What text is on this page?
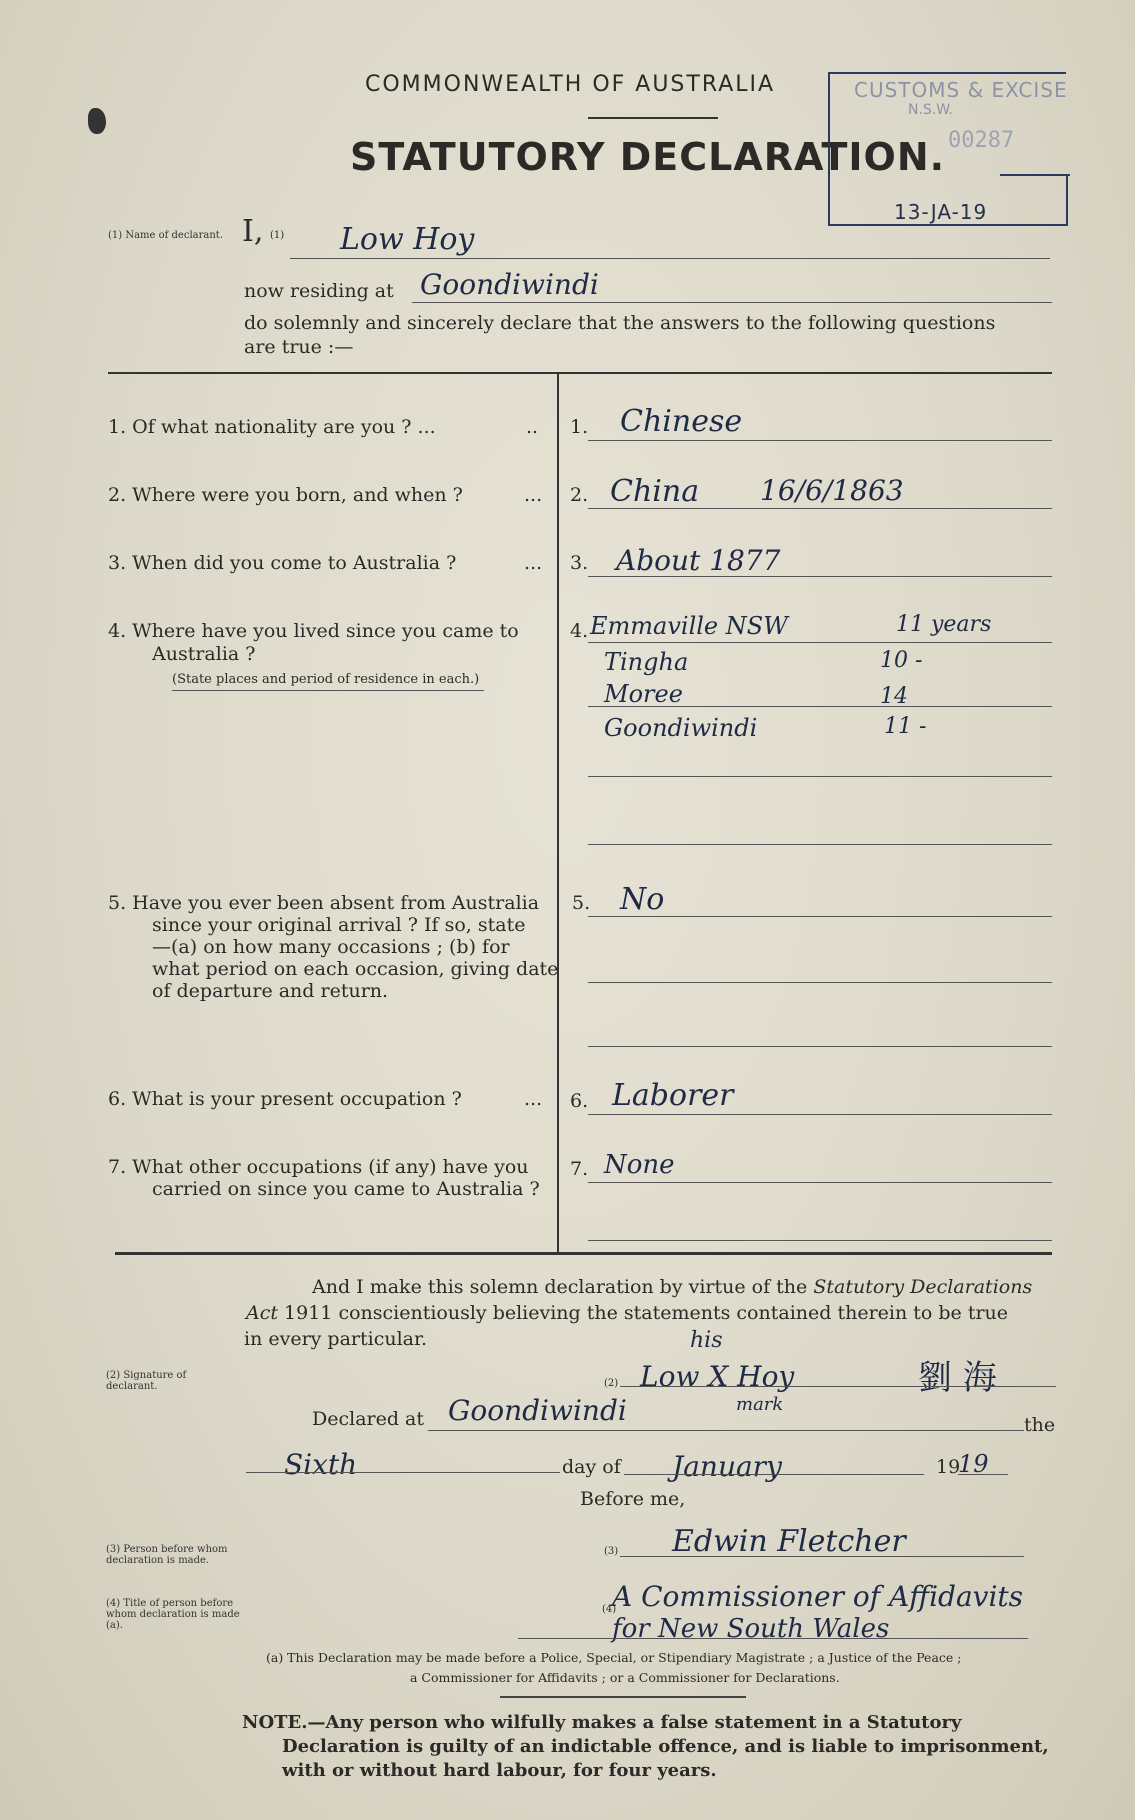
COMMONWEALTH OF AUSTRALIA
STATUTORY DECLARATION.
CUSTOMS & EXCISE
N.S.W.
00287
13-JA-19
(1) Name of declarant. I, (1) Low Hoy
now residing at Goondiwindi
do solemnly and sincerely declare that the answers to the following questions
are true :—
1. Of what nationality are you ? ...	.. 1. Chinese
2. Where were you born, and when ?	... 2. China 16/6/1863
3. When did you come to Australia ?	... 3. About 1877
4. Where have you lived since you came to
Australia ?
(State places and period of residence in each.)
4. Emmaville NSW	11 years
Tingha	10 -
Moree	14
Goondiwindi	11 -
5. Have you ever been absent from Australia
since your original arrival ? If so, state
—(a) on how many occasions ; (b) for
what period on each occasion, giving date
of departure and return.
5. No
6. What is your present occupation ?	... 6. Laborer
7. What other occupations (if any) have you
carried on since you came to Australia ?
7. None
And I make this solemn declaration by virtue of the Statutory Declarations
Act 1911 conscientiously believing the statements contained therein to be true
in every particular.
(2) Signature of declarant.	(2)
his
Low X Hoy
mark
劉 海
Declared at Goondiwindi	the
Sixth	day of January	19
19
Before me,
(3) Person before whom declaration is made.
(3) Edwin Fletcher
(4) Title of person before whom declaration is made (a).
(4)
A Commissioner of Affidavits
for New South Wales
(a) This Declaration may be made before a Police, Special, or Stipendiary Magistrate ; a Justice of the Peace ;
a Commissioner for Affidavits ; or a Commissioner for Declarations.
NOTE.—Any person who wilfully makes a false statement in a Statutory
Declaration is guilty of an indictable offence, and is liable to imprisonment,
with or without hard labour, for four years.
